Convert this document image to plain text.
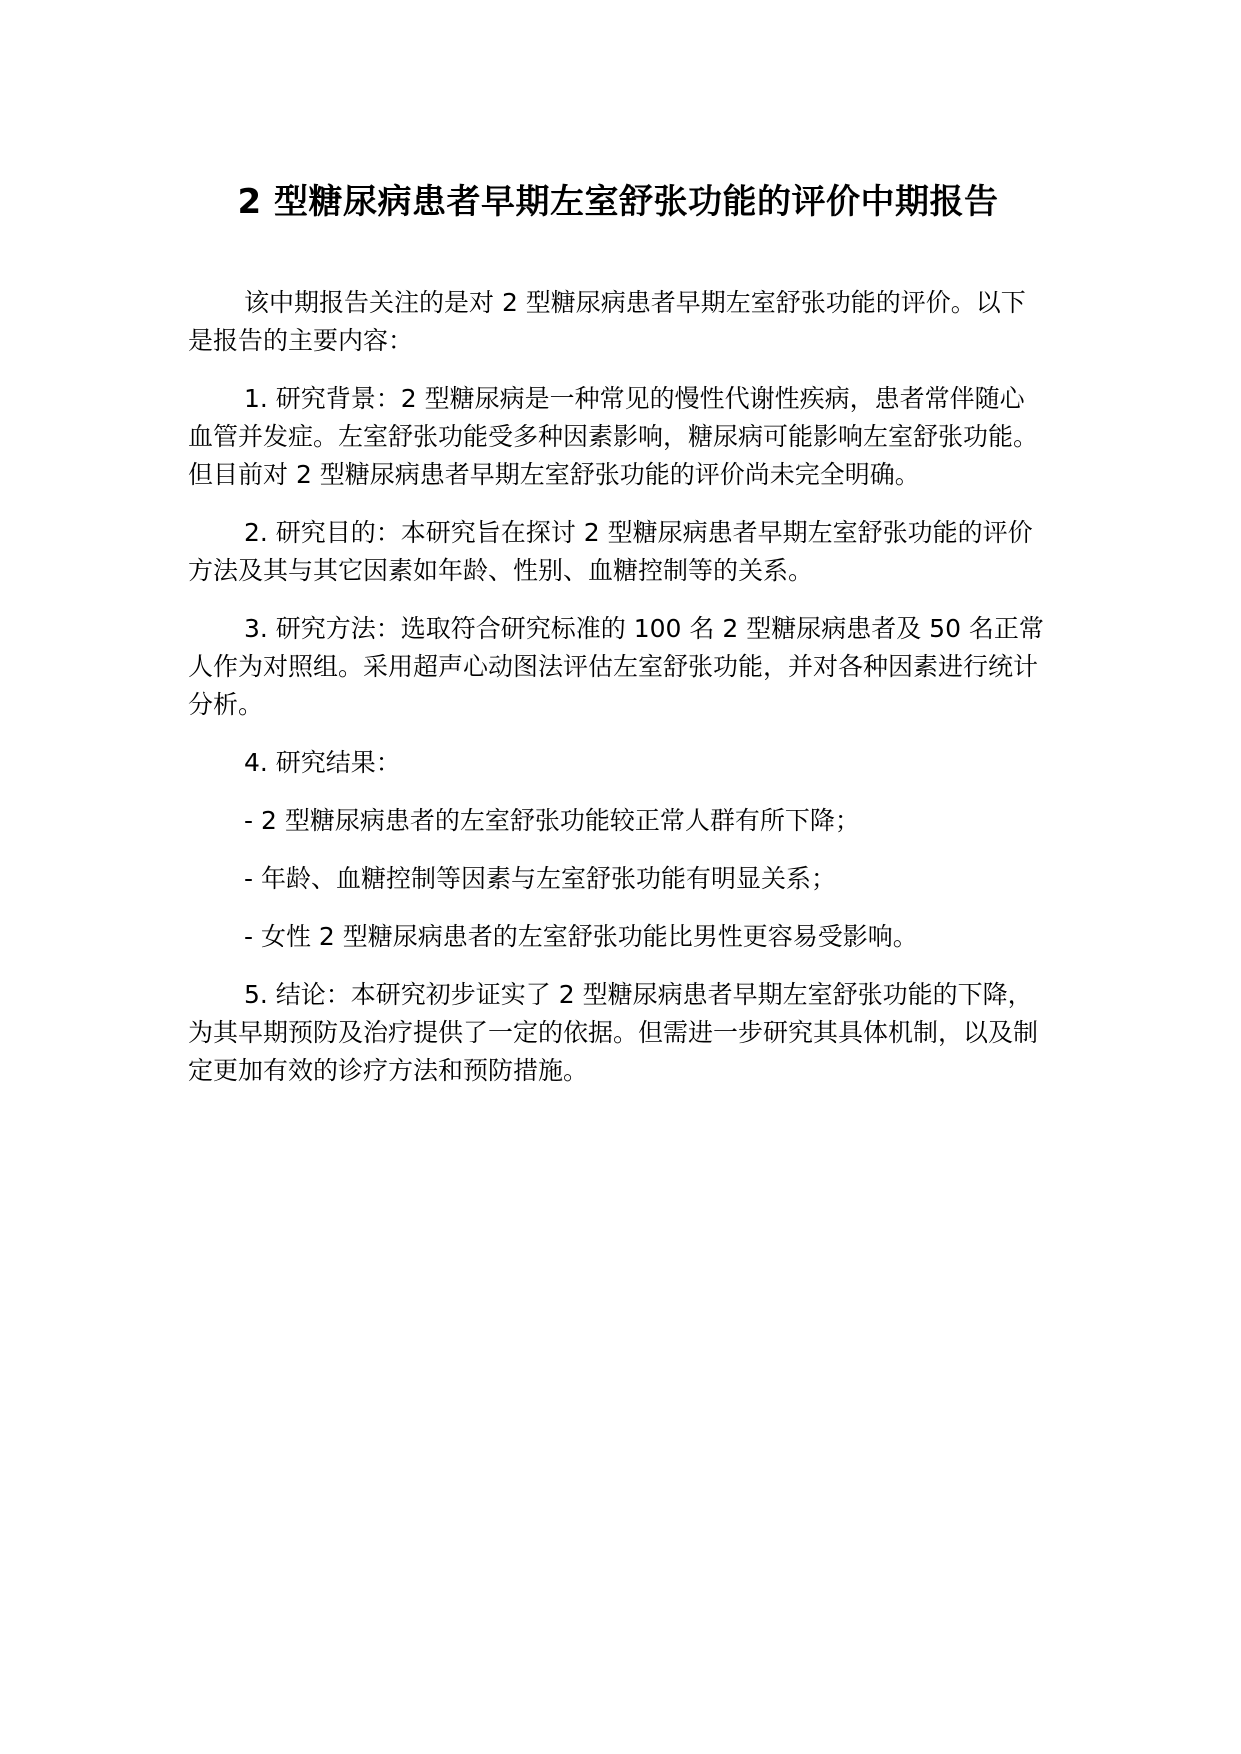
2 型糖尿病患者早期左室舒张功能的评价中期报告

该中期报告关注的是对 2 型糖尿病患者早期左室舒张功能的评价。以下是报告的主要内容：

1. 研究背景：2 型糖尿病是一种常见的慢性代谢性疾病，患者常伴随心血管并发症。左室舒张功能受多种因素影响，糖尿病可能影响左室舒张功能。但目前对 2 型糖尿病患者早期左室舒张功能的评价尚未完全明确。

2. 研究目的：本研究旨在探讨 2 型糖尿病患者早期左室舒张功能的评价方法及其与其它因素如年龄、性别、血糖控制等的关系。

3. 研究方法：选取符合研究标准的 100 名 2 型糖尿病患者及 50 名正常人作为对照组。采用超声心动图法评估左室舒张功能，并对各种因素进行统计分析。

4. 研究结果：

- 2 型糖尿病患者的左室舒张功能较正常人群有所下降；

- 年龄、血糖控制等因素与左室舒张功能有明显关系；

- 女性 2 型糖尿病患者的左室舒张功能比男性更容易受影响。

5. 结论：本研究初步证实了 2 型糖尿病患者早期左室舒张功能的下降，为其早期预防及治疗提供了一定的依据。但需进一步研究其具体机制，以及制定更加有效的诊疗方法和预防措施。
